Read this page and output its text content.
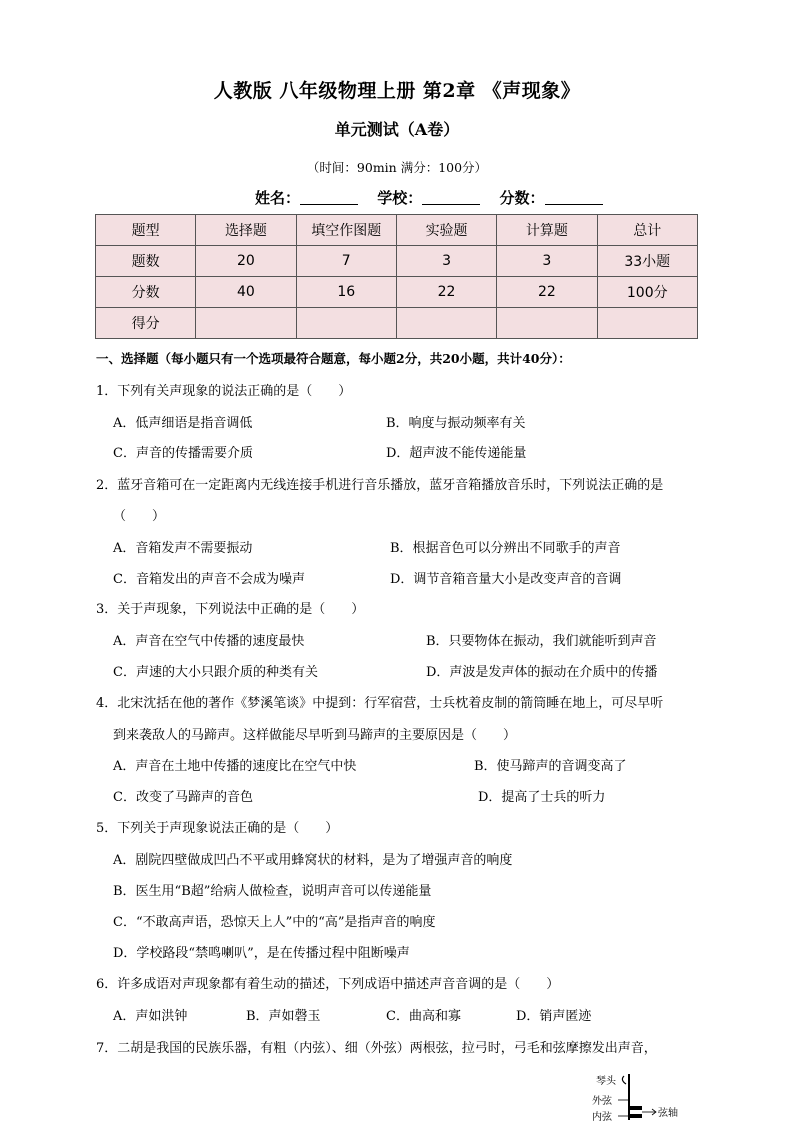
人教版 八年级物理上册 第2章 《声现象》
单元测试（A卷）
（时间：90min 满分：100分）
姓名：	学校：	分数：
题型	选择题	填空作图题	实验题	计算题	总计
题数	20	7	3	3	33小题
分数	40	16	22	22	100分
得分					
一、选择题（每小题只有一个选项最符合题意，每小题2分，共20小题，共计40分）：
1．下列有关声现象的说法正确的是（　　）
A．低声细语是指音调低	B．响度与振动频率有关
C．声音的传播需要介质	D．超声波不能传递能量
2．蓝牙音箱可在一定距离内无线连接手机进行音乐播放，蓝牙音箱播放音乐时，下列说法正确的是
（　　）
A．音箱发声不需要振动	B．根据音色可以分辨出不同歌手的声音
C．音箱发出的声音不会成为噪声	D．调节音箱音量大小是改变声音的音调
3．关于声现象，下列说法中正确的是（　　）
A．声音在空气中传播的速度最快	B．只要物体在振动，我们就能听到声音
C．声速的大小只跟介质的种类有关	D．声波是发声体的振动在介质中的传播
4．北宋沈括在他的著作《梦溪笔谈》中提到：行军宿营，士兵枕着皮制的箭筒睡在地上，可尽早听
到来袭敌人的马蹄声。这样做能尽早听到马蹄声的主要原因是（　　）
A．声音在土地中传播的速度比在空气中快	B．使马蹄声的音调变高了
C．改变了马蹄声的音色	D．提高了士兵的听力
5．下列关于声现象说法正确的是（　　）
A．剧院四壁做成凹凸不平或用蜂窝状的材料，是为了增强声音的响度
B．医生用“B超”给病人做检查，说明声音可以传递能量
C．“不敢高声语，恐惊天上人”中的“高”是指声音的响度
D．学校路段“禁鸣喇叭”，是在传播过程中阻断噪声
6．许多成语对声现象都有着生动的描述，下列成语中描述声音音调的是（　　）
A．声如洪钟	B．声如磬玉	C．曲高和寡	D．销声匿迹
7．二胡是我国的民族乐器，有粗（内弦）、细（外弦）两根弦，拉弓时，弓毛和弦摩擦发出声音，
琴头
外弦
内弦	弦轴
